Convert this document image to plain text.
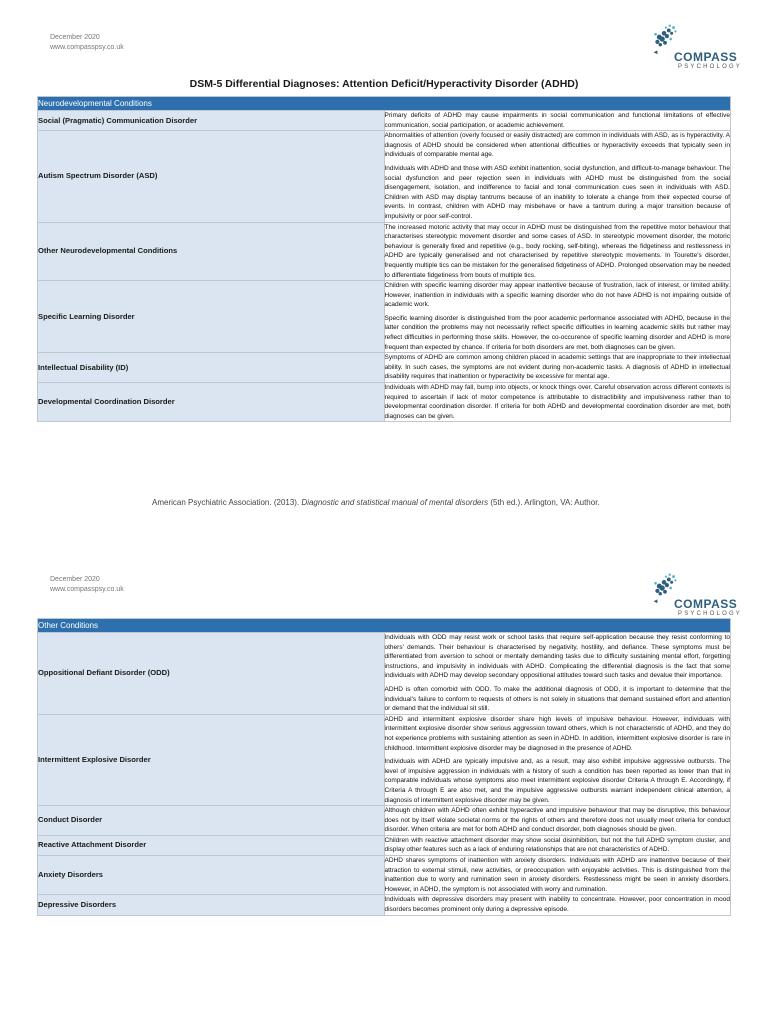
December 2020
www.compasspsy.co.uk
COMPASS
PSYCHOLOGY
DSM-5 Differential Diagnoses: Attention Deficit/Hyperactivity Disorder (ADHD)
Neurodevelopmental Conditions	
Social (Pragmatic) Communication Disorder	Primary deficits of ADHD may cause impairments in social communication and functional limitations of effective communication, social participation, or academic achievement.

Autism Spectrum Disorder (ASD)	Abnormalities of attention (overly focused or easily distracted) are common in individuals with ASD, as is hyperactivity. A diagnosis of ADHD should be considered when attentional difficulties or hyperactivity exceeds that typically seen in individuals of comparable mental age.

Individuals with ADHD and those with ASD exhibit inattention, social dysfunction, and difficult-to-manage behaviour. The social dysfunction and peer rejection seen in individuals with ADHD must be distinguished from the social disengagement, isolation, and indifference to facial and tonal communication cues seen in individuals with ASD. Children with ASD may display tantrums because of an inability to tolerate a change from their expected course of events. In contrast, children with ADHD may misbehave or have a tantrum during a major transition because of impulsivity or poor self-control.

Other Neurodevelopmental Conditions	The increased motoric activity that may occur in ADHD must be distinguished from the repetitive motor behaviour that characterises stereotypic movement disorder and some cases of ASD. In stereotypic movement disorder, the motoric behaviour is generally fixed and repetitive (e.g., body rocking, self-biting), whereas the fidgetiness and restlessness in ADHD are typically generalised and not characterised by repetitive stereotypic movements. In Tourette's disorder, frequently multiple tics can be mistaken for the generalised fidgetiness of ADHD. Prolonged observation may be needed to differentiate fidgetiness from bouts of multiple tics.

Specific Learning Disorder	Children with specific learning disorder may appear inattentive because of frustration, lack of interest, or limited ability. However, inattention in individuals with a specific learning disorder who do not have ADHD is not impairing outside of academic work.

Specific learning disorder is distinguished from the poor academic performance associated with ADHD, because in the latter condition the problems may not necessarily reflect specific difficulties in learning academic skills but rather may reflect difficulties in performing those skills. However, the co-occurence of specific learning disorder and ADHD is more frequent than expected by chance. If criteria for both disorders are met, both diagnoses can be given.

Intellectual Disability (ID)	Symptoms of ADHD are common among children placed in academic settings that are inappropriate to their intellectual ability. In such cases, the symptoms are not evident during non-academic tasks. A diagnosis of ADHD in intellectual disability requires that inattention or hyperactivity be excessive for mental age.

Developmental Coordination Disorder	Individuals with ADHD may fall, bump into objects, or knock things over. Careful observation across different contexts is required to ascertain if lack of motor competence is attributable to distractibility and impulsiveness rather than to developmental coordination disorder. If criteria for both ADHD and developmental coordination disorder are met, both diagnoses can be given.

American Psychiatric Association. (2013). Diagnostic and statistical manual of mental disorders (5th ed.). Arlington, VA: Author.
December 2020
www.compasspsy.co.uk
COMPASS
PSYCHOLOGY
Other Conditions	
Oppositional Defiant Disorder (ODD)	Individuals with ODD may resist work or school tasks that require self-application because they resist conforming to others' demands. Their behaviour is characterised by negativity, hostility, and defiance. These symptoms must be differentiated from aversion to school or mentally demanding tasks due to difficulty sustaining mental effort, forgetting instructions, and impulsivity in individuals with ADHD. Complicating the differential diagnosis is the fact that some individuals with ADHD may develop secondary oppositional attitudes toward such tasks and devalue their importance.

ADHD is often comorbid with ODD. To make the additional diagnosis of ODD, it is important to determine that the individual's failure to conform to requests of others is not solely in situations that demand sustained effort and attention or demand that the individual sit still.

Intermittent Explosive Disorder	ADHD and intermittent explosive disorder share high levels of impulsive behaviour. However, individuals with intermittent explosive disorder show serious aggression toward others, which is not characteristic of ADHD, and they do not experience problems with sustaining attention as seen in ADHD. In addition, intermittent explosive disorder is rare in childhood. Intermittent explosive disorder may be diagnosed in the presence of ADHD.

Individuals with ADHD are typically impulsive and, as a result, may also exhibit impulsive aggressive outbursts. The level of impulsive aggression in individuals with a history of such a condition has been reported as lower than that in comparable individuals whose symptoms also meet intermittent explosive disorder Criteria A through E. Accordingly, if Criteria A through E are also met, and the impulsive aggressive outbursts warrant independent clinical attention, a diagnosis of intermittent explosive disorder may be given.

Conduct Disorder	Although children with ADHD often exhibit hyperactive and impulsive behaviour that may be disruptive, this behaviour does not by itself violate societal norms or the rights of others and therefore does not usually meet criteria for conduct disorder. When criteria are met for both ADHD and conduct disorder, both diagnoses should be given.

Reactive Attachment Disorder	Children with reactive attachment disorder may show social disinhibition, but not the full ADHD symptom cluster, and display other features such as a lack of enduring relationships that are not characteristics of ADHD.

Anxiety Disorders	ADHD shares symptoms of inattention with anxiety disorders. Individuals with ADHD are inattentive because of their attraction to external stimuli, new activities, or preoccupation with enjoyable activities. This is distinguished from the inattention due to worry and rumination seen in anxiety disorders. Restlessness might be seen in anxiety disorders. However, in ADHD, the symptom is not associated with worry and rumination.

Depressive Disorders	Individuals with depressive disorders may present with inability to concentrate. However, poor concentration in mood disorders becomes prominent only during a depressive episode.
